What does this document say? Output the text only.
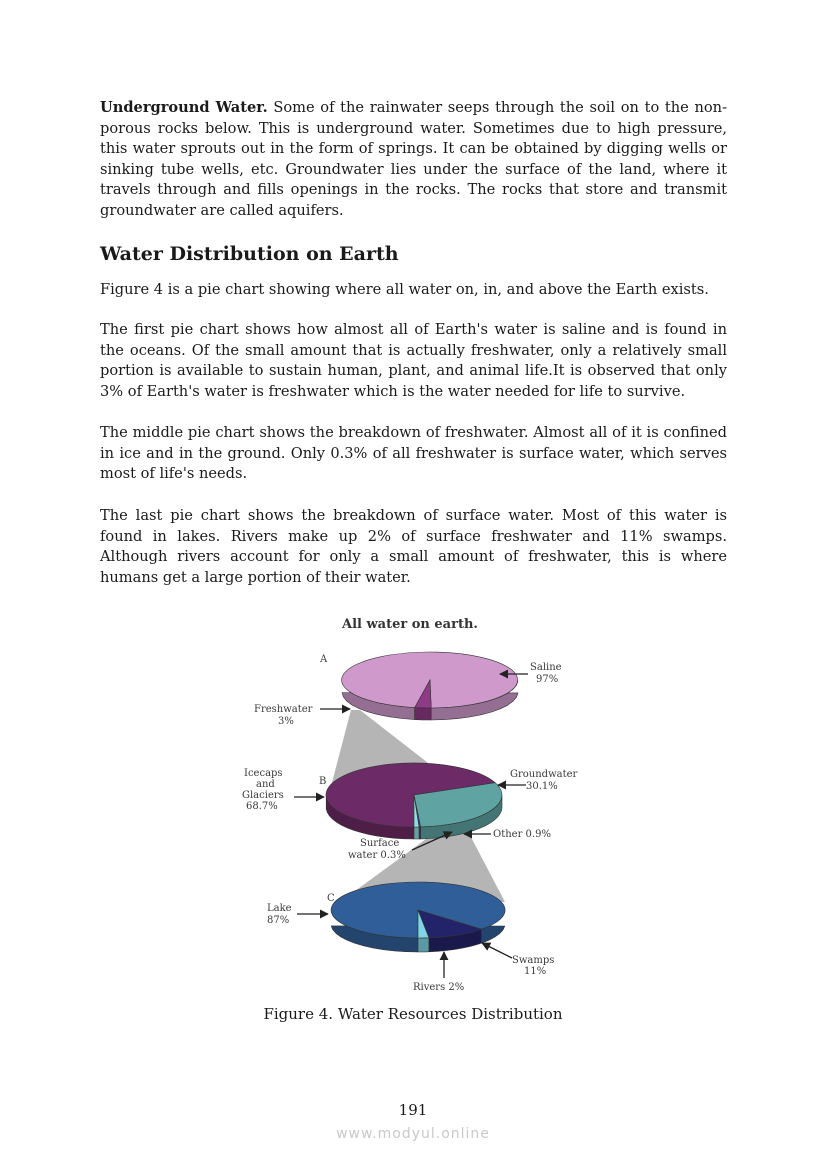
Underground Water. Some of the rainwater seeps through the soil on to the non-porous rocks below. This is underground water. Sometimes due to high pressure, this water sprouts out in the form of springs. It can be obtained by digging wells or sinking tube wells, etc. Groundwater lies under the surface of the land, where it travels through and fills openings in the rocks. The rocks that store and transmit groundwater are called aquifers.

Water Distribution on Earth

Figure 4 is a pie chart showing where all water on, in, and above the Earth exists.

The first pie chart shows how almost all of Earth's water is saline and is found in the oceans. Of the small amount that is actually freshwater, only a relatively small portion is available to sustain human, plant, and animal life.It is observed that only 3% of Earth's water is freshwater which is the water needed for life to survive.

The middle pie chart shows the breakdown of freshwater. Almost all of it is confined in ice and in the ground. Only 0.3% of all freshwater is surface water, which serves most of life's needs.

The last pie chart shows the breakdown of surface water. Most of this water is found in lakes. Rivers make up 2% of surface freshwater and 11% swamps. Although rivers account for only a small amount of freshwater, this is where humans get a large portion of their water.

All water on earth.
A
B
C
Saline
97%
Freshwater
3%
Icecaps
and
Glaciers
68.7%
Groundwater
30.1%
Other 0.9%
Surface
water 0.3%
Lake
87%
Swamps
11%
Rivers 2%
Figure 4. Water Resources Distribution
191
www.modyul.online
